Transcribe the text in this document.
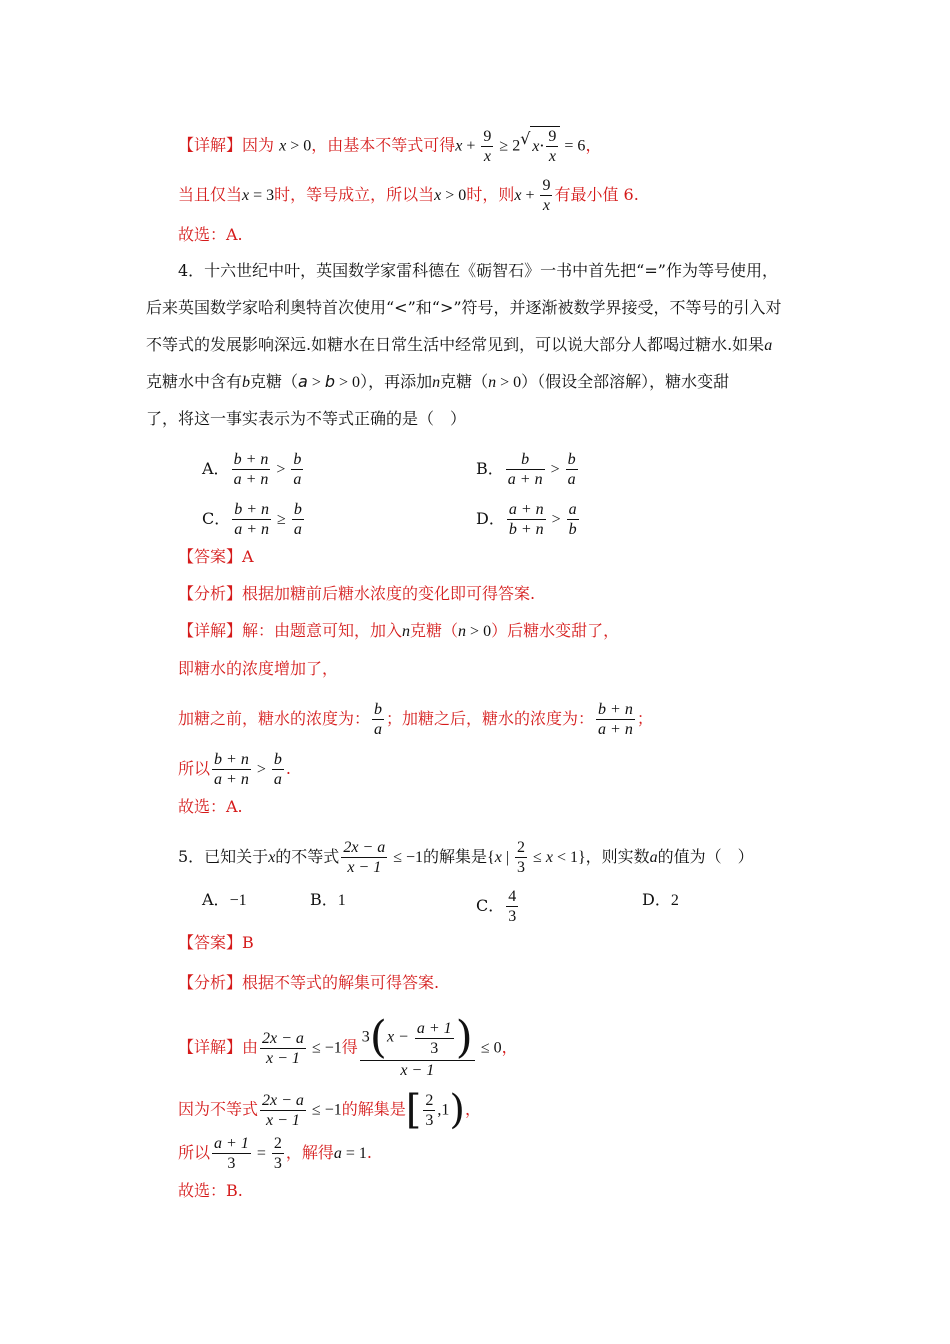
【详解】因为 x > 0，由基本不等式可得$x + \frac{9}{x} \ge 2$ √ $x\cdot \frac{9}{x} = 6$，
当且仅当x = 3时，等号成立，所以当x > 0时，则$x + \frac{9}{x}$ 有最小值 6.
故选：A.
4．十六世纪中叶，英国数学家雷科德在《砺智石》一书中首先把“=”作为等号使用，
后来英国数学家哈利奥特首次使用“<”和“>”符号，并逐渐被数学界接受，不等号的引入对
不等式的发展影响深远.如糖水在日常生活中经常见到，可以说大部分人都喝过糖水.如果a
克糖水中含有b克糖（a > b > 0），再添加n克糖（n > 0）（假设全部溶解），糖水变甜
了，将这一事实表示为不等式正确的是（　）
A． $\frac{b + n}{a + n} > \frac{b}{a}$	B． $\frac{b}{a + n} > \frac{b}{a}$
C． $\frac{b + n}{a + n} \ge \frac{b}{a}$	D． $\frac{a + n}{b + n} > \frac{a}{b}$
【答案】A
【分析】根据加糖前后糖水浓度的变化即可得答案.
【详解】解：由题意可知，加入n克糖（n > 0）后糖水变甜了，
即糖水的浓度增加了，
加糖之前，糖水的浓度为： $\frac{b}{a}$ ；加糖之后，糖水的浓度为： $\frac{b + n}{a + n}$ ；
所以 $\frac{b + n}{a + n} > \frac{b}{a}$ .
故选：A.
5．已知关于x的不等式 $\frac{2x - a}{x - 1} \le -1$的解集是{x | $\frac{2}{3} \le x < 1$}，则实数a的值为（　）
A．−1	B．1	C． $\frac{4}{3}$	D．2
【答案】B
【分析】根据不等式的解集可得答案.
【详解】由 $\frac{2x - a}{x - 1} \le -1$得 $\frac{3(x - \frac{a + 1}{3} )}{x - 1} \le 0$，
因为不等式 $\frac{2x - a}{x - 1} \le -1$的解集是[ $\frac{2}{3} ,1$)，
所以 $\frac{a + 1}{3} = \frac{2}{3}$ ，解得a = 1.
故选：B.
